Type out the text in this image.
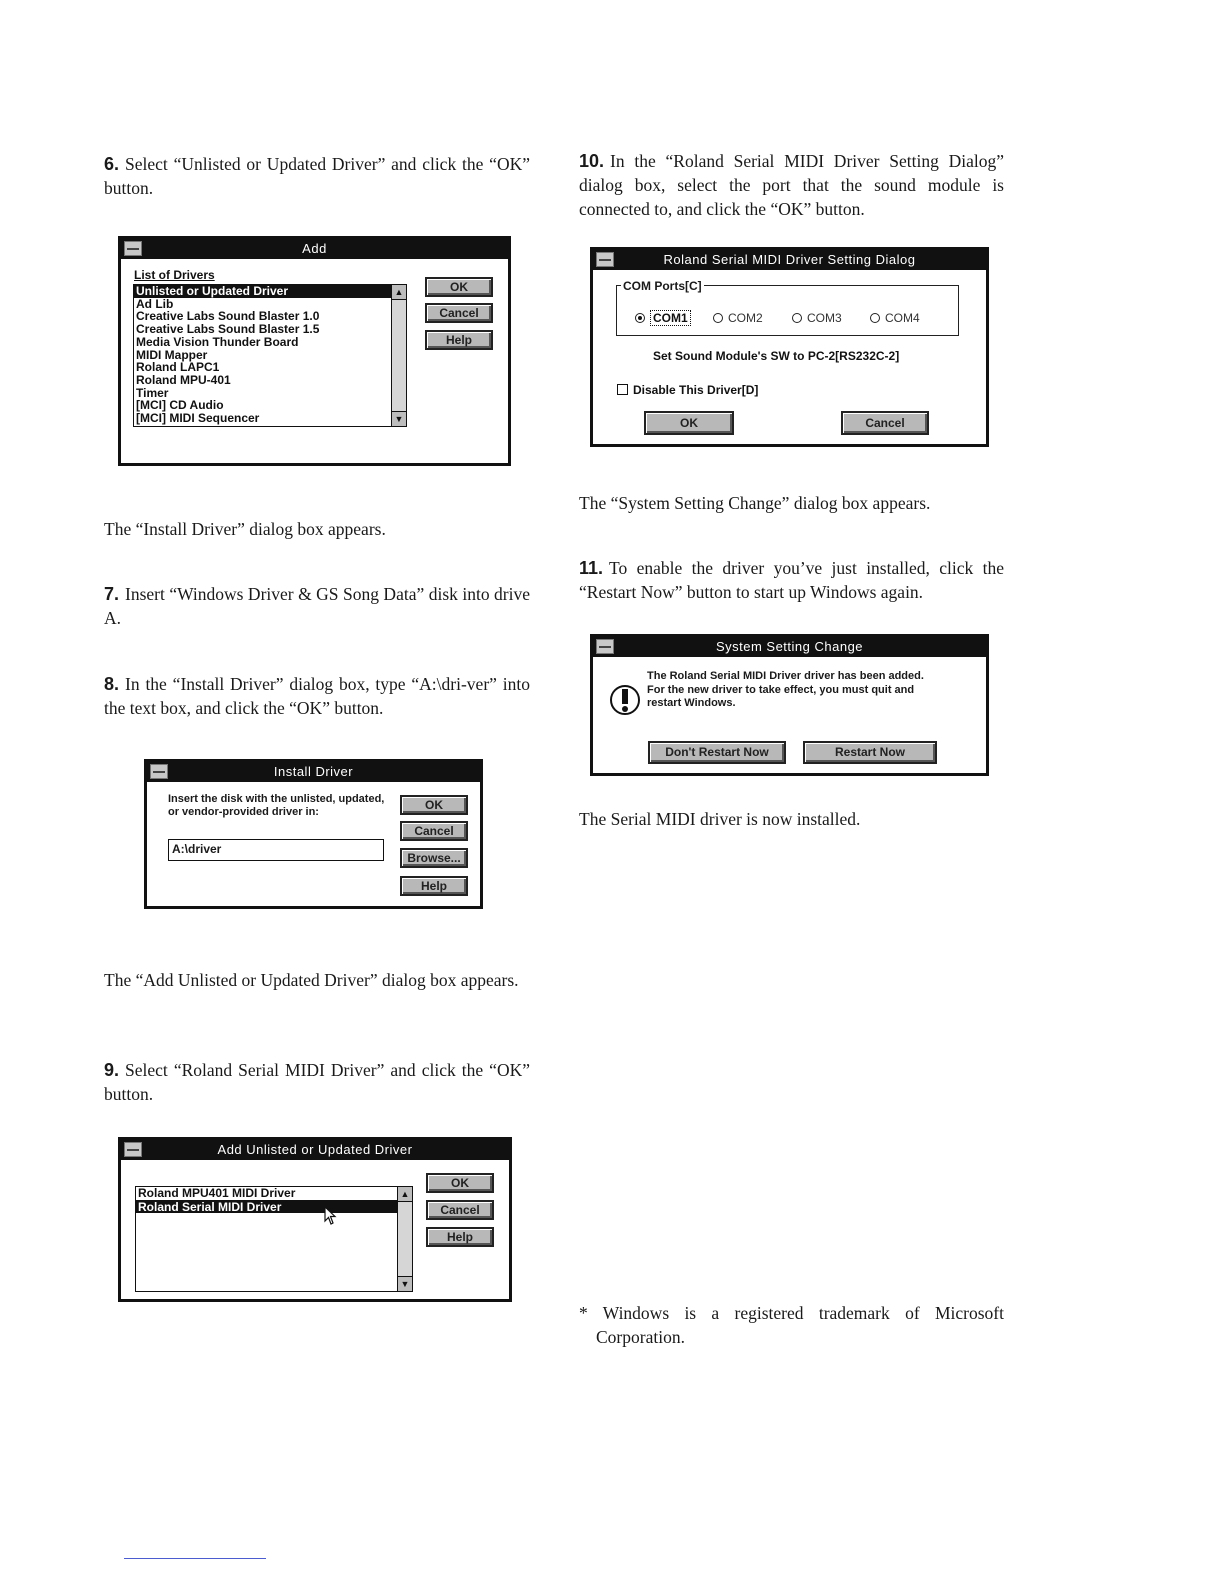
6. Select “Unlisted or Updated Driver” and click the “OK” button.

Add
List of Drivers
Unlisted or Updated Driver
Ad Lib
Creative Labs Sound Blaster 1.0
Creative Labs Sound Blaster 1.5
Media Vision Thunder Board
MIDI Mapper
Roland LAPC1
Roland MPU-401
Timer
[MCI] CD Audio
[MCI] MIDI Sequencer
▲
▼
OK
Cancel
Help

The “Install Driver” dialog box appears.

7. Insert “Windows Driver & GS Song Data” disk into drive A.

8. In the “Install Driver” dialog box, type “A:\dri-ver” into the text box, and click the “OK” button.

Install Driver
Insert the disk with the unlisted, updated, or vendor-provided driver in:
A:\driver
OK
Cancel
Browse...
Help

The “Add Unlisted or Updated Driver” dialog box appears.

9. Select “Roland Serial MIDI Driver” and click the “OK” button.

Add Unlisted or Updated Driver
Roland MPU401 MIDI Driver
Roland Serial MIDI Driver
▲
▼
OK
Cancel
Help

10. In the “Roland Serial MIDI Driver Setting Dialog” dialog box, select the port that the sound module is connected to, and click the “OK” button.

Roland Serial MIDI Driver Setting Dialog
COM Ports[C]
COM1	COM2	COM3	COM4
Set Sound Module's SW to PC-2[RS232C-2]
Disable This Driver[D]
OK	Cancel

The “System Setting Change” dialog box appears.

11. To enable the driver you’ve just installed, click the “Restart Now” button to start up Windows again.

System Setting Change
The Roland Serial MIDI Driver driver has been added. For the new driver to take effect, you must quit and restart Windows.
Don't Restart Now	Restart Now

The Serial MIDI driver is now installed.

* Windows is a registered trademark of Microsoft Corporation.
